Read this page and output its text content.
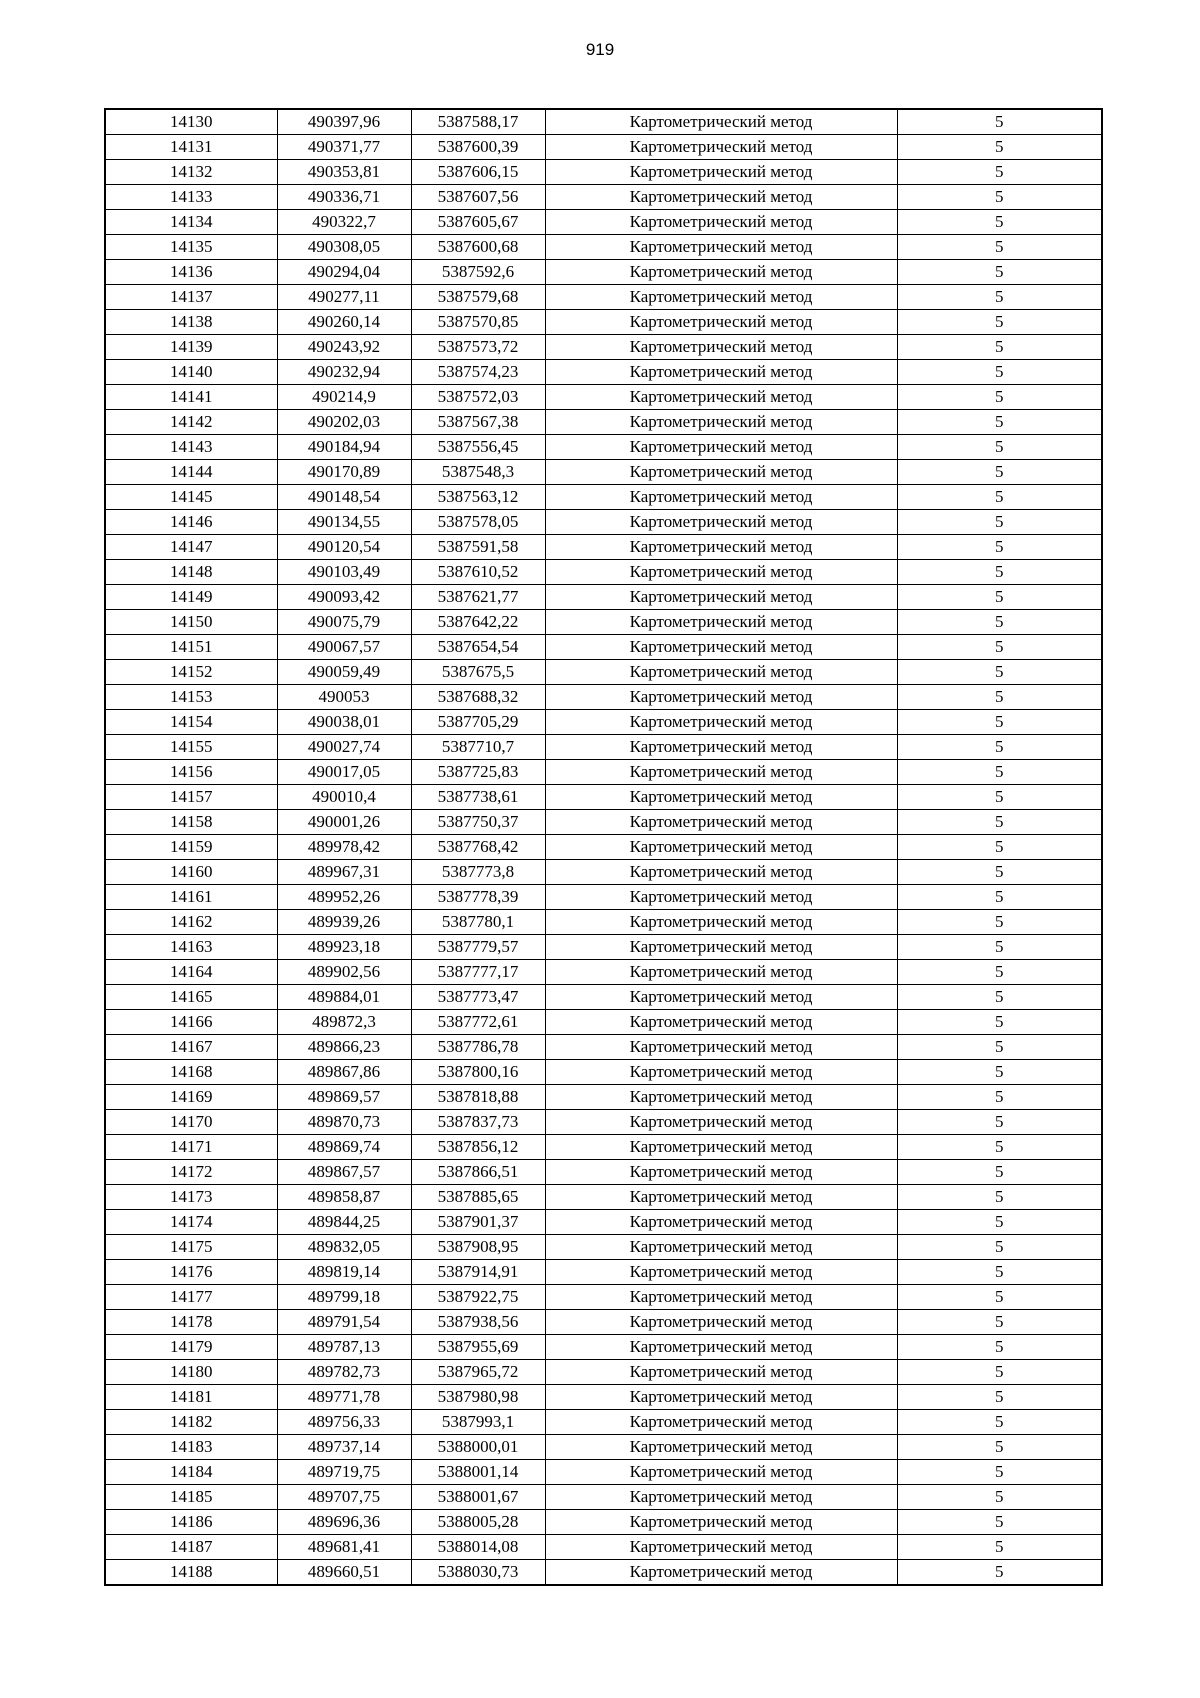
919
14130	490397,96	5387588,17	Картометрический метод	5
14131	490371,77	5387600,39	Картометрический метод	5
14132	490353,81	5387606,15	Картометрический метод	5
14133	490336,71	5387607,56	Картометрический метод	5
14134	490322,7	5387605,67	Картометрический метод	5
14135	490308,05	5387600,68	Картометрический метод	5
14136	490294,04	5387592,6	Картометрический метод	5
14137	490277,11	5387579,68	Картометрический метод	5
14138	490260,14	5387570,85	Картометрический метод	5
14139	490243,92	5387573,72	Картометрический метод	5
14140	490232,94	5387574,23	Картометрический метод	5
14141	490214,9	5387572,03	Картометрический метод	5
14142	490202,03	5387567,38	Картометрический метод	5
14143	490184,94	5387556,45	Картометрический метод	5
14144	490170,89	5387548,3	Картометрический метод	5
14145	490148,54	5387563,12	Картометрический метод	5
14146	490134,55	5387578,05	Картометрический метод	5
14147	490120,54	5387591,58	Картометрический метод	5
14148	490103,49	5387610,52	Картометрический метод	5
14149	490093,42	5387621,77	Картометрический метод	5
14150	490075,79	5387642,22	Картометрический метод	5
14151	490067,57	5387654,54	Картометрический метод	5
14152	490059,49	5387675,5	Картометрический метод	5
14153	490053	5387688,32	Картометрический метод	5
14154	490038,01	5387705,29	Картометрический метод	5
14155	490027,74	5387710,7	Картометрический метод	5
14156	490017,05	5387725,83	Картометрический метод	5
14157	490010,4	5387738,61	Картометрический метод	5
14158	490001,26	5387750,37	Картометрический метод	5
14159	489978,42	5387768,42	Картометрический метод	5
14160	489967,31	5387773,8	Картометрический метод	5
14161	489952,26	5387778,39	Картометрический метод	5
14162	489939,26	5387780,1	Картометрический метод	5
14163	489923,18	5387779,57	Картометрический метод	5
14164	489902,56	5387777,17	Картометрический метод	5
14165	489884,01	5387773,47	Картометрический метод	5
14166	489872,3	5387772,61	Картометрический метод	5
14167	489866,23	5387786,78	Картометрический метод	5
14168	489867,86	5387800,16	Картометрический метод	5
14169	489869,57	5387818,88	Картометрический метод	5
14170	489870,73	5387837,73	Картометрический метод	5
14171	489869,74	5387856,12	Картометрический метод	5
14172	489867,57	5387866,51	Картометрический метод	5
14173	489858,87	5387885,65	Картометрический метод	5
14174	489844,25	5387901,37	Картометрический метод	5
14175	489832,05	5387908,95	Картометрический метод	5
14176	489819,14	5387914,91	Картометрический метод	5
14177	489799,18	5387922,75	Картометрический метод	5
14178	489791,54	5387938,56	Картометрический метод	5
14179	489787,13	5387955,69	Картометрический метод	5
14180	489782,73	5387965,72	Картометрический метод	5
14181	489771,78	5387980,98	Картометрический метод	5
14182	489756,33	5387993,1	Картометрический метод	5
14183	489737,14	5388000,01	Картометрический метод	5
14184	489719,75	5388001,14	Картометрический метод	5
14185	489707,75	5388001,67	Картометрический метод	5
14186	489696,36	5388005,28	Картометрический метод	5
14187	489681,41	5388014,08	Картометрический метод	5
14188	489660,51	5388030,73	Картометрический метод	5
